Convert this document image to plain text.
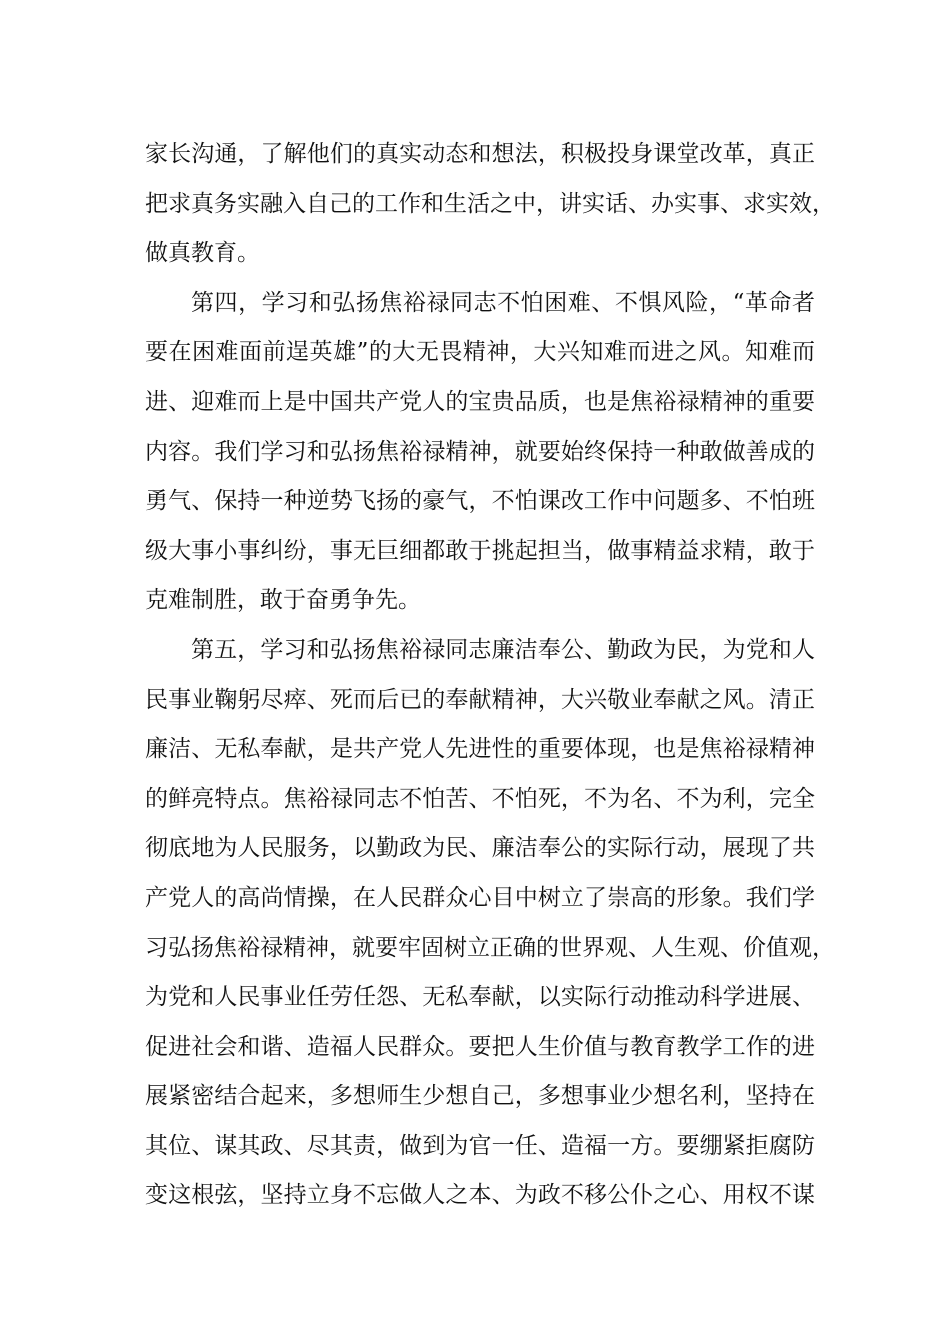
家长沟通，了解他们的真实动态和想法，积极投身课堂改革，真正
把求真务实融入自己的工作和生活之中，讲实话、办实事、求实效，
做真教育。
第四，学习和弘扬焦裕禄同志不怕困难、不惧风险，“革命者
要在困难面前逞英雄”的大无畏精神，大兴知难而进之风。知难而
进、迎难而上是中国共产党人的宝贵品质，也是焦裕禄精神的重要
内容。我们学习和弘扬焦裕禄精神，就要始终保持一种敢做善成的
勇气、保持一种逆势飞扬的豪气，不怕课改工作中问题多、不怕班
级大事小事纠纷，事无巨细都敢于挑起担当，做事精益求精，敢于
克难制胜，敢于奋勇争先。
第五，学习和弘扬焦裕禄同志廉洁奉公、勤政为民，为党和人
民事业鞠躬尽瘁、死而后已的奉献精神，大兴敬业奉献之风。清正
廉洁、无私奉献，是共产党人先进性的重要体现，也是焦裕禄精神
的鲜亮特点。焦裕禄同志不怕苦、不怕死，不为名、不为利，完全
彻底地为人民服务，以勤政为民、廉洁奉公的实际行动，展现了共
产党人的高尚情操，在人民群众心目中树立了崇高的形象。我们学
习弘扬焦裕禄精神，就要牢固树立正确的世界观、人生观、价值观，
为党和人民事业任劳任怨、无私奉献，以实际行动推动科学进展、
促进社会和谐、造福人民群众。要把人生价值与教育教学工作的进
展紧密结合起来，多想师生少想自己，多想事业少想名利，坚持在
其位、谋其政、尽其责，做到为官一任、造福一方。要绷紧拒腐防
变这根弦，坚持立身不忘做人之本、为政不移公仆之心、用权不谋
